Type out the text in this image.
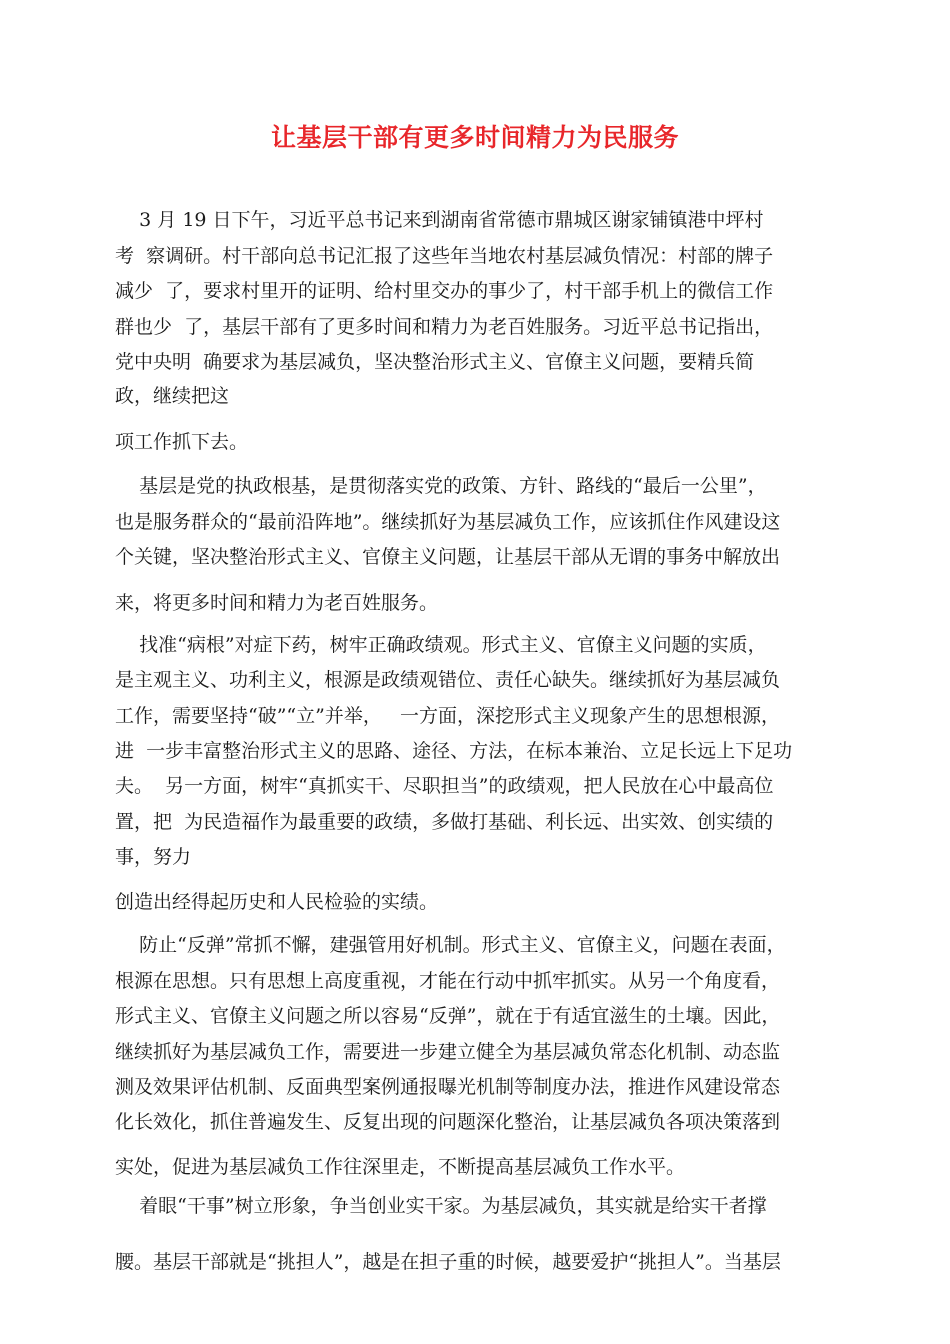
让基层干部有更多时间精力为民服务
3 月 19 日下午，习近平总书记来到湖南省常德市鼎城区谢家铺镇港中坪村
考  察调研。村干部向总书记汇报了这些年当地农村基层减负情况：村部的牌子
减少  了，要求村里开的证明、给村里交办的事少了，村干部手机上的微信工作
群也少  了，基层干部有了更多时间和精力为老百姓服务。习近平总书记指出，
党中央明  确要求为基层减负，坚决整治形式主义、官僚主义问题，要精兵简
政，继续把这
项工作抓下去。
基层是党的执政根基，是贯彻落实党的政策、方针、路线的“最后一公里”，
也是服务群众的“最前沿阵地”。继续抓好为基层减负工作，应该抓住作风建设这
个关键，坚决整治形式主义、官僚主义问题，让基层干部从无谓的事务中解放出
来，将更多时间和精力为老百姓服务。
找准“病根”对症下药，树牢正确政绩观。形式主义、官僚主义问题的实质，
是主观主义、功利主义，根源是政绩观错位、责任心缺失。继续抓好为基层减负
工作，需要坚持“破”“立”并举，   一方面，深挖形式主义现象产生的思想根源，
进  一步丰富整治形式主义的思路、途径、方法，在标本兼治、立足长远上下足功
夫。  另一方面，树牢“真抓实干、尽职担当”的政绩观，把人民放在心中最高位
置，把  为民造福作为最重要的政绩，多做打基础、利长远、出实效、创实绩的
事，努力
创造出经得起历史和人民检验的实绩。
防止“反弹”常抓不懈，建强管用好机制。形式主义、官僚主义，问题在表面，
根源在思想。只有思想上高度重视，才能在行动中抓牢抓实。从另一个角度看，
形式主义、官僚主义问题之所以容易“反弹”，就在于有适宜滋生的土壤。因此，
继续抓好为基层减负工作，需要进一步建立健全为基层减负常态化机制、动态监
测及效果评估机制、反面典型案例通报曝光机制等制度办法，推进作风建设常态
化长效化，抓住普遍发生、反复出现的问题深化整治，让基层减负各项决策落到
实处，促进为基层减负工作往深里走，不断提高基层减负工作水平。
着眼“干事”树立形象，争当创业实干家。为基层减负，其实就是给实干者撑
腰。基层干部就是“挑担人”，越是在担子重的时候，越要爱护“挑担人”。当基层
